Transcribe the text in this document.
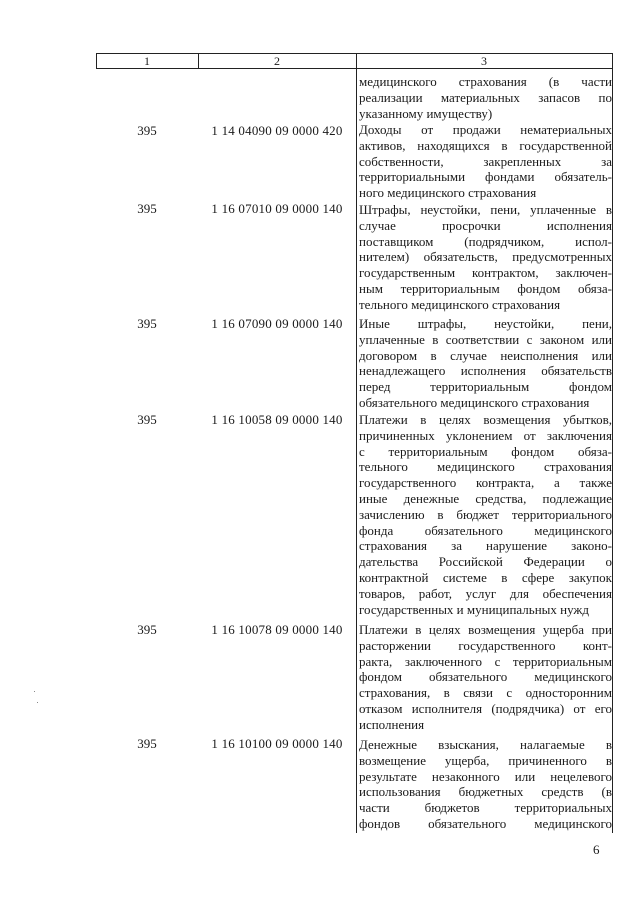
1	2	3
медицинского страхования (в части
реализации материальных запасов по
указанному имуществу)
395	1 14 04090 09 0000 420	Доходы от продажи нематериальных
активов, находящихся в государственной
собственности, закрепленных за
территориальными фондами обязатель-
ного медицинского страхования
395	1 16 07010 09 0000 140	Штрафы, неустойки, пени, уплаченные в
случае просрочки исполнения
поставщиком (подрядчиком, испол-
нителем) обязательств, предусмотренных
государственным контрактом, заключен-
ным территориальным фондом обяза-
тельного медицинского страхования
395	1 16 07090 09 0000 140	Иные штрафы, неустойки, пени,
уплаченные в соответствии с законом или
договором в случае неисполнения или
ненадлежащего исполнения обязательств
перед территориальным фондом
обязательного медицинского страхования
395	1 16 10058 09 0000 140	Платежи в целях возмещения убытков,
причиненных уклонением от заключения
с территориальным фондом обяза-
тельного медицинского страхования
государственного контракта, а также
иные денежные средства, подлежащие
зачислению в бюджет территориального
фонда обязательного медицинского
страхования за нарушение законо-
дательства Российской Федерации о
контрактной системе в сфере закупок
товаров, работ, услуг для обеспечения
государственных и муниципальных нужд
395	1 16 10078 09 0000 140	Платежи в целях возмещения ущерба при
расторжении государственного конт-
ракта, заключенного с территориальным
фондом обязательного медицинского
страхования, в связи с односторонним
отказом исполнителя (подрядчика) от его
исполнения
395	1 16 10100 09 0000 140	Денежные взыскания, налагаемые в
возмещение ущерба, причиненного в
результате незаконного или нецелевого
использования бюджетных средств (в
части бюджетов территориальных
фондов обязательного медицинского
6
